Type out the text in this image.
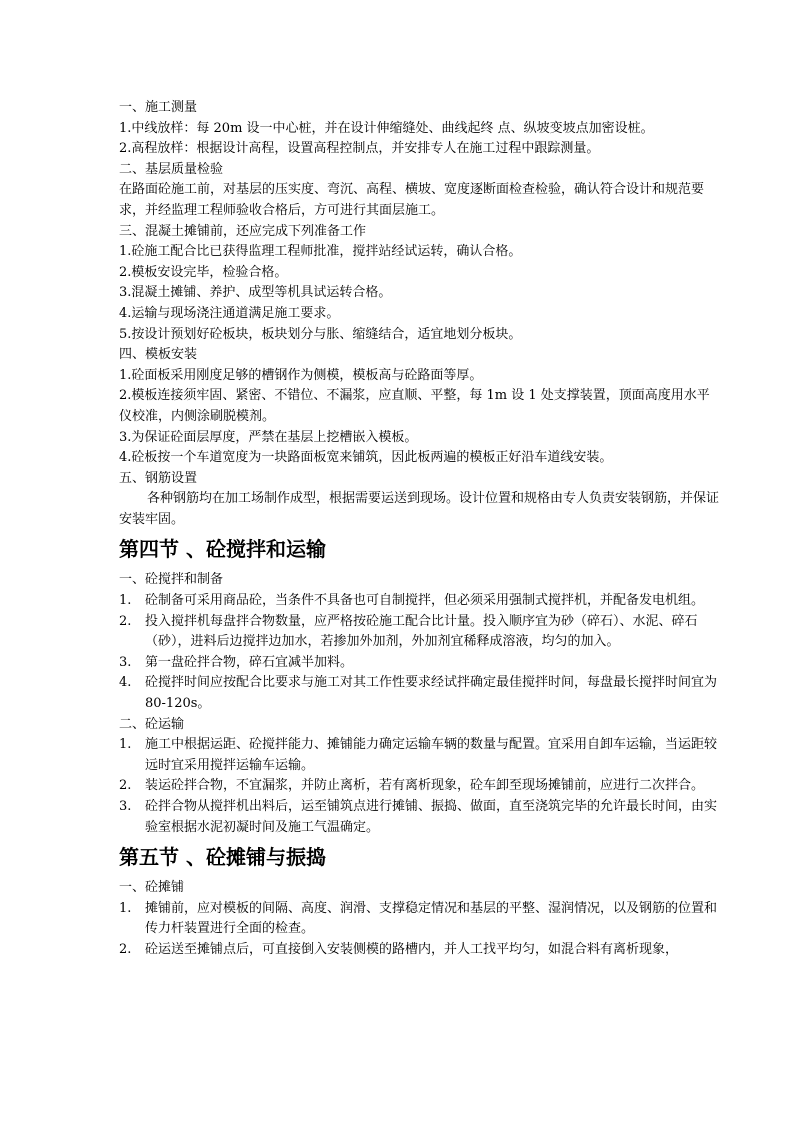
一、施工测量

1.中线放样：每 20m 设一中心桩，并在设计伸缩缝处、曲线起终 点、纵坡变坡点加密设桩。

2.高程放样：根据设计高程，设置高程控制点，并安排专人在施工过程中跟踪测量。

二、基层质量检验

在路面砼施工前，对基层的压实度、弯沉、高程、横坡、宽度逐断面检查检验，确认符合设计和规范要求，并经监理工程师验收合格后，方可进行其面层施工。

三、混凝土摊铺前，还应完成下列准备工作

1.砼施工配合比已获得监理工程师批准，搅拌站经试运转，确认合格。

2.模板安设完毕，检验合格。

3.混凝土摊铺、养护、成型等机具试运转合格。

4.运输与现场浇注通道满足施工要求。

5.按设计预划好砼板块，板块划分与胀、缩缝结合，适宜地划分板块。

四、模板安装

1.砼面板采用刚度足够的槽钢作为侧模，模板高与砼路面等厚。

2.模板连接须牢固、紧密、不错位、不漏浆，应直顺、平整，每 1m 设 1 处支撑装置，顶面高度用水平仪校准，内侧涂刷脱模剂。

3.为保证砼面层厚度，严禁在基层上挖槽嵌入模板。

4.砼板按一个车道宽度为一块路面板宽来铺筑，因此板两遍的模板正好沿车道线安装。

五、钢筋设置

各种钢筋均在加工场制作成型，根据需要运送到现场。设计位置和规格由专人负责安装钢筋，并保证安装牢固。

第四节 、砼搅拌和运输

一、砼搅拌和制备

1.	砼制备可采用商品砼，当条件不具备也可自制搅拌，但必须采用强制式搅拌机，并配备发电机组。
2.	投入搅拌机每盘拌合物数量，应严格按砼施工配合比计量。投入顺序宜为砂（碎石）、水泥、碎石（砂），进料后边搅拌边加水，若掺加外加剂，外加剂宜稀释成溶液，均匀的加入。
3.	第一盘砼拌合物，碎石宜减半加料。
4.	砼搅拌时间应按配合比要求与施工对其工作性要求经试拌确定最佳搅拌时间，每盘最长搅拌时间宜为 80-120s。

二、砼运输

1.	施工中根据运距、砼搅拌能力、摊铺能力确定运输车辆的数量与配置。宜采用自卸车运输，当运距较远时宜采用搅拌运输车运输。
2.	装运砼拌合物，不宜漏浆，并防止离析，若有离析现象，砼车卸至现场摊铺前，应进行二次拌合。
3.	砼拌合物从搅拌机出料后，运至铺筑点进行摊铺、振捣、做面，直至浇筑完毕的允许最长时间，由实验室根据水泥初凝时间及施工气温确定。
第五节 、砼摊铺与振捣

一、砼摊铺

1.	摊铺前，应对模板的间隔、高度、润滑、支撑稳定情况和基层的平整、湿润情况，以及钢筋的位置和传力杆装置进行全面的检查。
2.	砼运送至摊铺点后，可直接倒入安装侧模的路槽内，并人工找平均匀，如混合料有离析现象，
